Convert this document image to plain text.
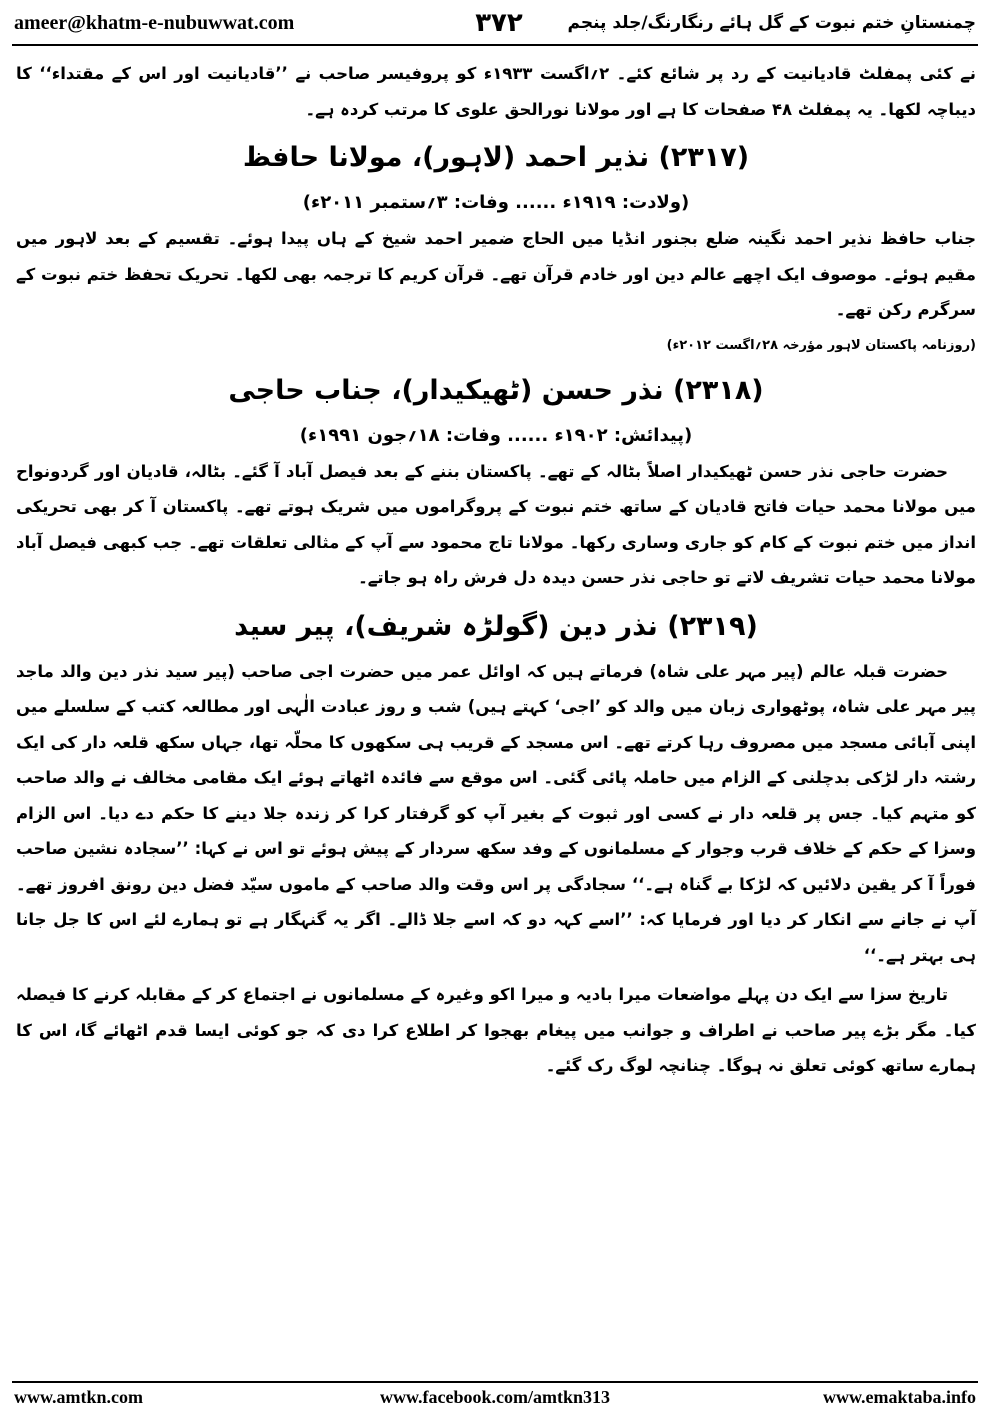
ameer@khatm-e-nubuwwat.com	۳۷۲	چمنستانِ ختم نبوت کے گل ہائے رنگارنگ/جلد پنجم

نے کئی پمفلٹ قادیانیت کے رد پر شائع کئے۔ ۲؍اگست ۱۹۳۳ء کو پروفیسر صاحب نے ’’قادیانیت اور اس کے مقتداء‘‘ کا دیباچہ لکھا۔ یہ پمفلٹ ۴۸ صفحات کا ہے اور مولانا نورالحق علوی کا مرتب کردہ ہے۔

(۲۳۱۷) نذیر احمد (لاہور)، مولانا حافظ
(ولادت: ۱۹۱۹ء ...... وفات: ۳؍ستمبر ۲۰۱۱ء)

جناب حافظ نذیر احمد نگینہ ضلع بجنور انڈیا میں الحاج ضمیر احمد شیخ کے ہاں پیدا ہوئے۔ تقسیم کے بعد لاہور میں مقیم ہوئے۔ موصوف ایک اچھے عالم دین اور خادم قرآن تھے۔ قرآن کریم کا ترجمہ بھی لکھا۔ تحریک تحفظ ختم نبوت کے سرگرم رکن تھے۔

(روزنامہ پاکستان لاہور مؤرخہ ۲۸؍اگست ۲۰۱۲ء)
(۲۳۱۸) نذر حسن (ٹھیکیدار)، جناب حاجی
(پیدائش: ۱۹۰۲ء ...... وفات: ۱۸؍جون ۱۹۹۱ء)

حضرت حاجی نذر حسن ٹھیکیدار اصلاً بٹالہ کے تھے۔ پاکستان بننے کے بعد فیصل آباد آ گئے۔ بٹالہ، قادیان اور گردونواح میں مولانا محمد حیات فاتح قادیان کے ساتھ ختم نبوت کے پروگراموں میں شریک ہوتے تھے۔ پاکستان آ کر بھی تحریکی انداز میں ختم نبوت کے کام کو جاری وساری رکھا۔ مولانا تاج محمود سے آپ کے مثالی تعلقات تھے۔ جب کبھی فیصل آباد مولانا محمد حیات تشریف لاتے تو حاجی نذر حسن دیدہ دل فرش راہ ہو جاتے۔

(۲۳۱۹) نذر دین (گولڑہ شریف)، پیر سید

حضرت قبلہ عالم (پیر مہر علی شاہ) فرماتے ہیں کہ اوائل عمر میں حضرت اجی صاحب (پیر سید نذر دین والد ماجد پیر مہر علی شاہ، پوٹھواری زبان میں والد کو ’اجی‘ کہتے ہیں) شب و روز عبادت الٰہی اور مطالعہ کتب کے سلسلے میں اپنی آبائی مسجد میں مصروف رہا کرتے تھے۔ اس مسجد کے قریب ہی سکھوں کا محلّہ تھا، جہاں سکھ قلعہ دار کی ایک رشتہ دار لڑکی بدچلنی کے الزام میں حاملہ پائی گئی۔ اس موقع سے فائدہ اٹھاتے ہوئے ایک مقامی مخالف نے والد صاحب کو متہم کیا۔ جس پر قلعہ دار نے کسی اور ثبوت کے بغیر آپ کو گرفتار کرا کر زندہ جلا دینے کا حکم دے دیا۔ اس الزام وسزا کے حکم کے خلاف قرب وجوار کے مسلمانوں کے وفد سکھ سردار کے پیش ہوئے تو اس نے کہا: ’’سجادہ نشین صاحب فوراً آ کر یقین دلائیں کہ لڑکا بے گناہ ہے۔‘‘ سجادگی پر اس وقت والد صاحب کے ماموں سیّد فضل دین رونق افروز تھے۔ آپ نے جانے سے انکار کر دیا اور فرمایا کہ: ’’اسے کہہ دو کہ اسے جلا ڈالے۔ اگر یہ گنہگار ہے تو ہمارے لئے اس کا جل جانا ہی بہتر ہے۔‘‘

تاریخ سزا سے ایک دن پہلے مواضعات میرا بادیہ و میرا اکو وغیرہ کے مسلمانوں نے اجتماع کر کے مقابلہ کرنے کا فیصلہ کیا۔ مگر بڑے پیر صاحب نے اطراف و جوانب میں پیغام بھجوا کر اطلاع کرا دی کہ جو کوئی ایسا قدم اٹھائے گا، اس کا ہمارے ساتھ کوئی تعلق نہ ہوگا۔ چنانچہ لوگ رک گئے۔

www.amtkn.com	www.facebook.com/amtkn313	www.emaktaba.info
